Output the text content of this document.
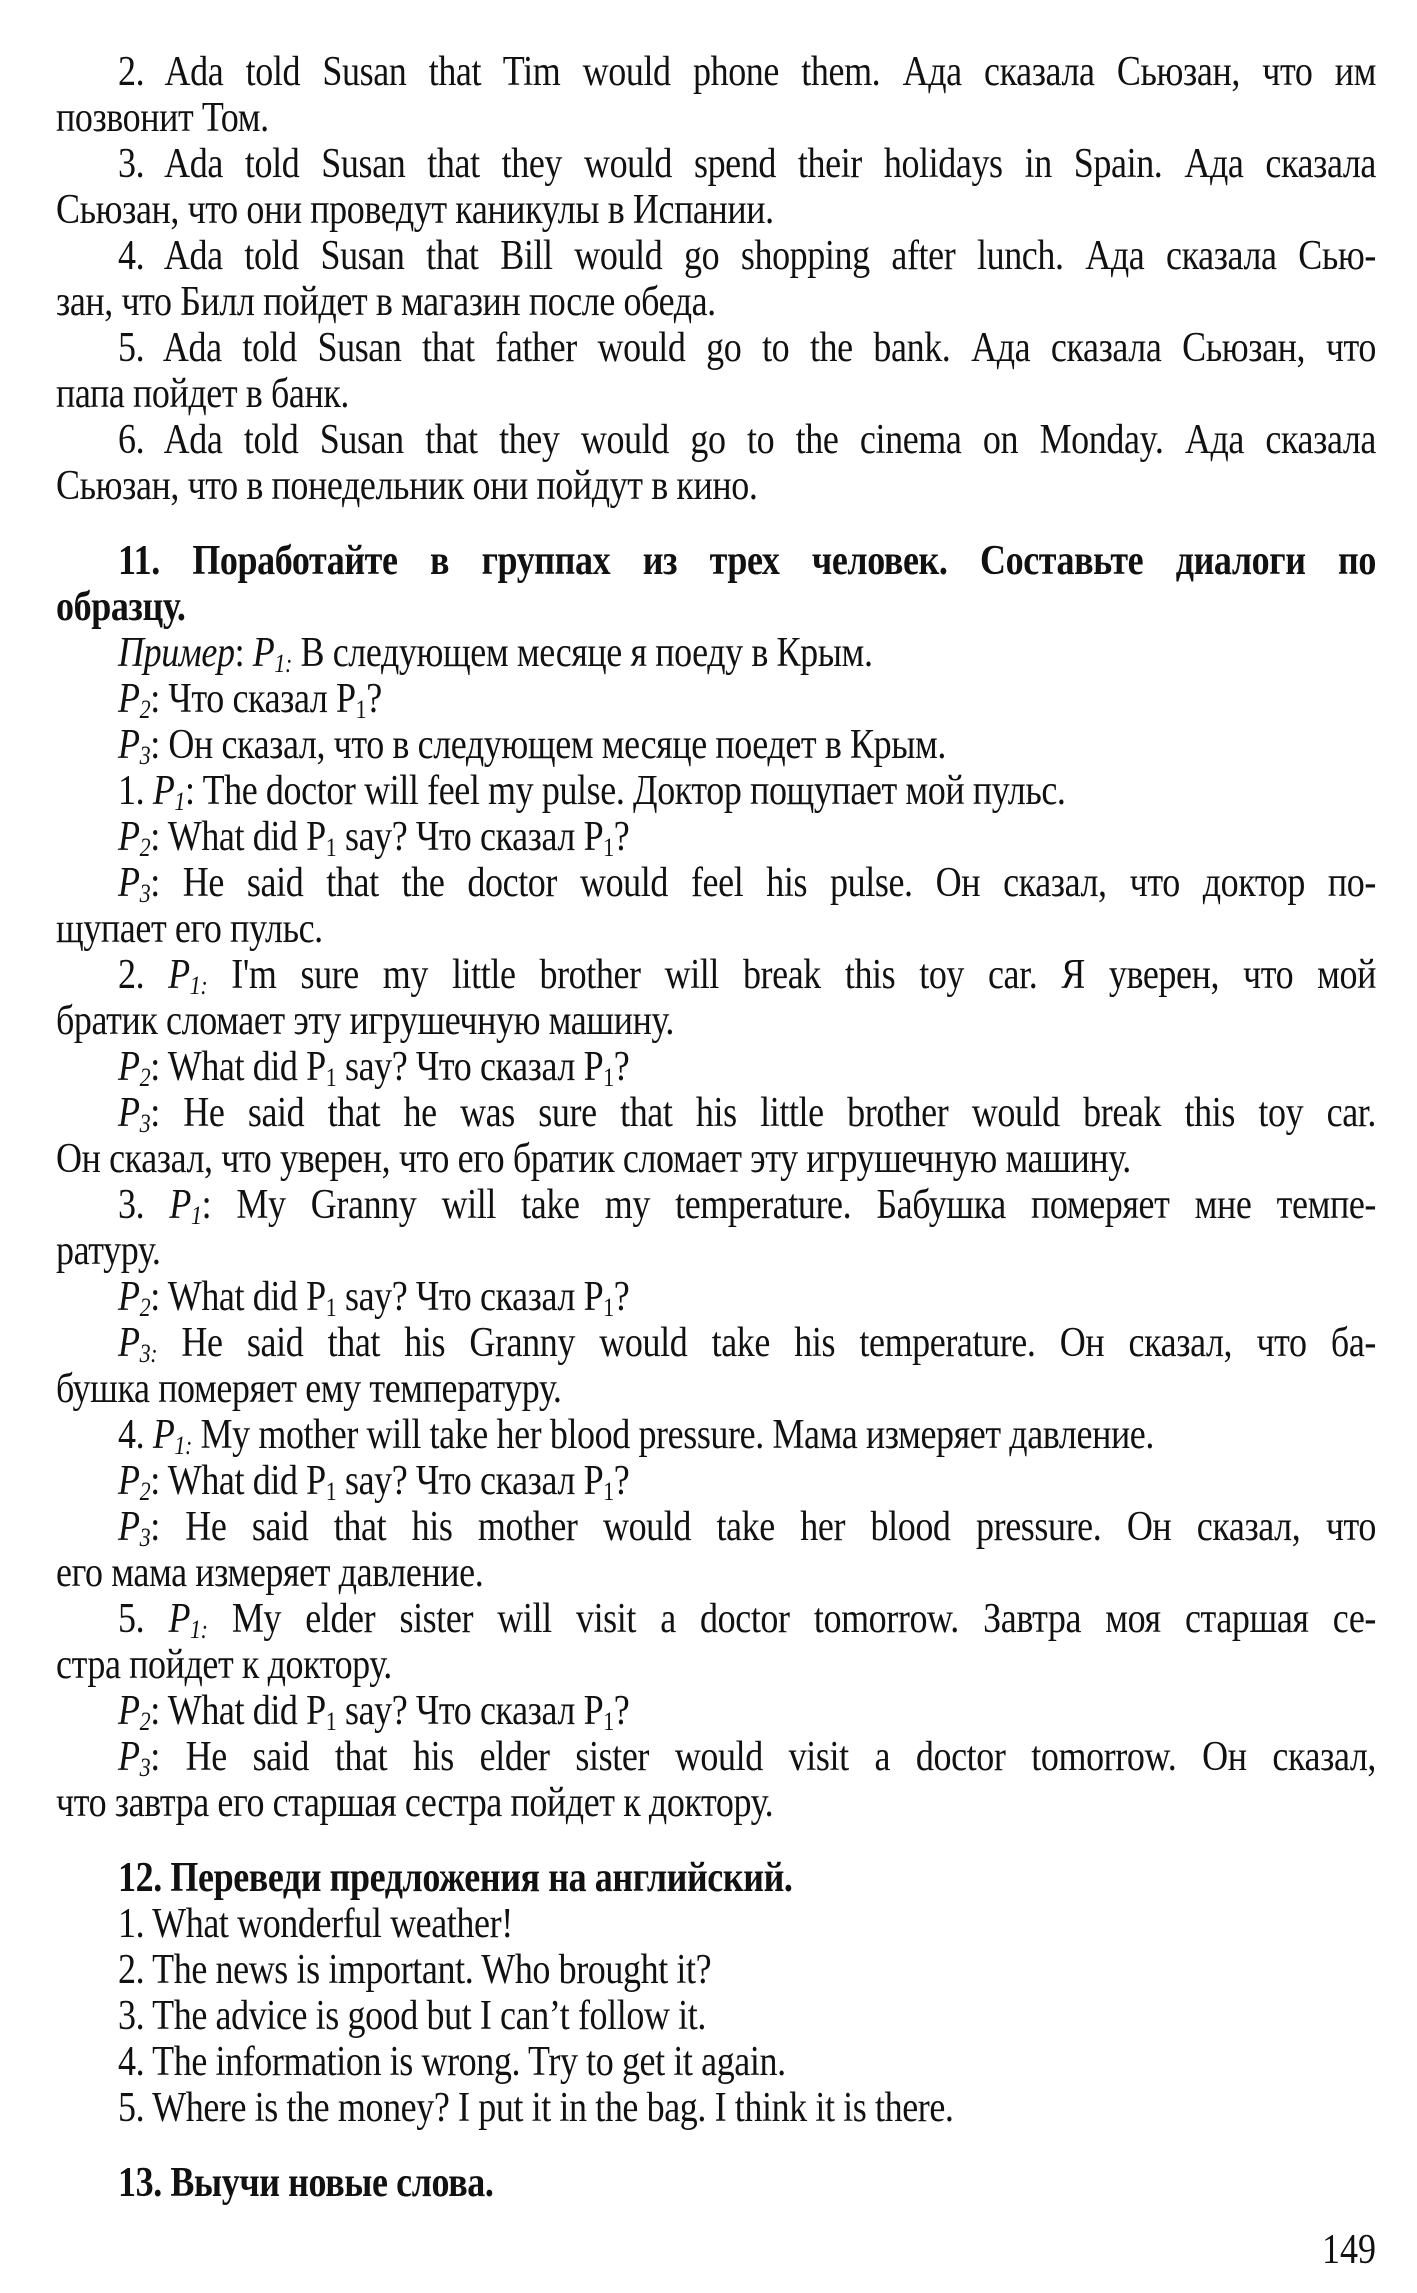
2. Ada told Susan that Tim would phone them. Ада сказала Сьюзан, что им
позвонит Том.
3. Ada told Susan that they would spend their holidays in Spain. Ада сказала
Сьюзан, что они проведут каникулы в Испании.
4. Ada told Susan that Bill would go shopping after lunch. Ада сказала Сью-
зан, что Билл пойдет в магазин после обеда.
5. Ada told Susan that father would go to the bank. Ада сказала Сьюзан, что
папа пойдет в банк.
6. Ada told Susan that they would go to the cinema on Monday. Ада сказала
Сьюзан, что в понедельник они пойдут в кино.
11. Поработайте в группах из трех человек. Составьте диалоги по
образцу.
Пример: $P_{1:}$ В следующем месяце я поеду в Крым.
$P_2$: Что сказал $P_1$?
$P_3$: Он сказал, что в следующем месяце поедет в Крым.
1. $P_1$: The doctor will feel my pulse. Доктор пощупает мой пульс.
$P_2$: What did $P_1$ say? Что сказал $P_1$?
$P_3$: He said that the doctor would feel his pulse. Он сказал, что доктор по-
щупает его пульс.
2. $P_{1:}$ I'm sure my little brother will break this toy car. Я уверен, что мой
братик сломает эту игрушечную машину.
$P_2$: What did $P_1$ say? Что сказал $P_1$?
$P_3$: He said that he was sure that his little brother would break this toy car.
Он сказал, что уверен, что его братик сломает эту игрушечную машину.
3. $P_1$: My Granny will take my temperature. Бабушка померяет мне темпе-
ратуру.
$P_2$: What did $P_1$ say? Что сказал $P_1$?
$P_{3:}$ He said that his Granny would take his temperature. Он сказал, что ба-
бушка померяет ему температуру.
4. $P_{1:}$ My mother will take her blood pressure. Мама измеряет давление.
$P_2$: What did $P_1$ say? Что сказал $P_1$?
$P_3$: He said that his mother would take her blood pressure. Он сказал, что
его мама измеряет давление.
5. $P_{1:}$ My elder sister will visit a doctor tomorrow. Завтра моя старшая се-
стра пойдет к доктору.
$P_2$: What did $P_1$ say? Что сказал $P_1$?
$P_3$: He said that his elder sister would visit a doctor tomorrow. Он сказал,
что завтра его старшая сестра пойдет к доктору.
12. Переведи предложения на английский.
1. What wonderful weather!
2. The news is important. Who brought it?
3. The advice is good but I can’t follow it.
4. The information is wrong. Try to get it again.
5. Where is the money? I put it in the bag. I think it is there.
13. Выучи новые слова.
149
